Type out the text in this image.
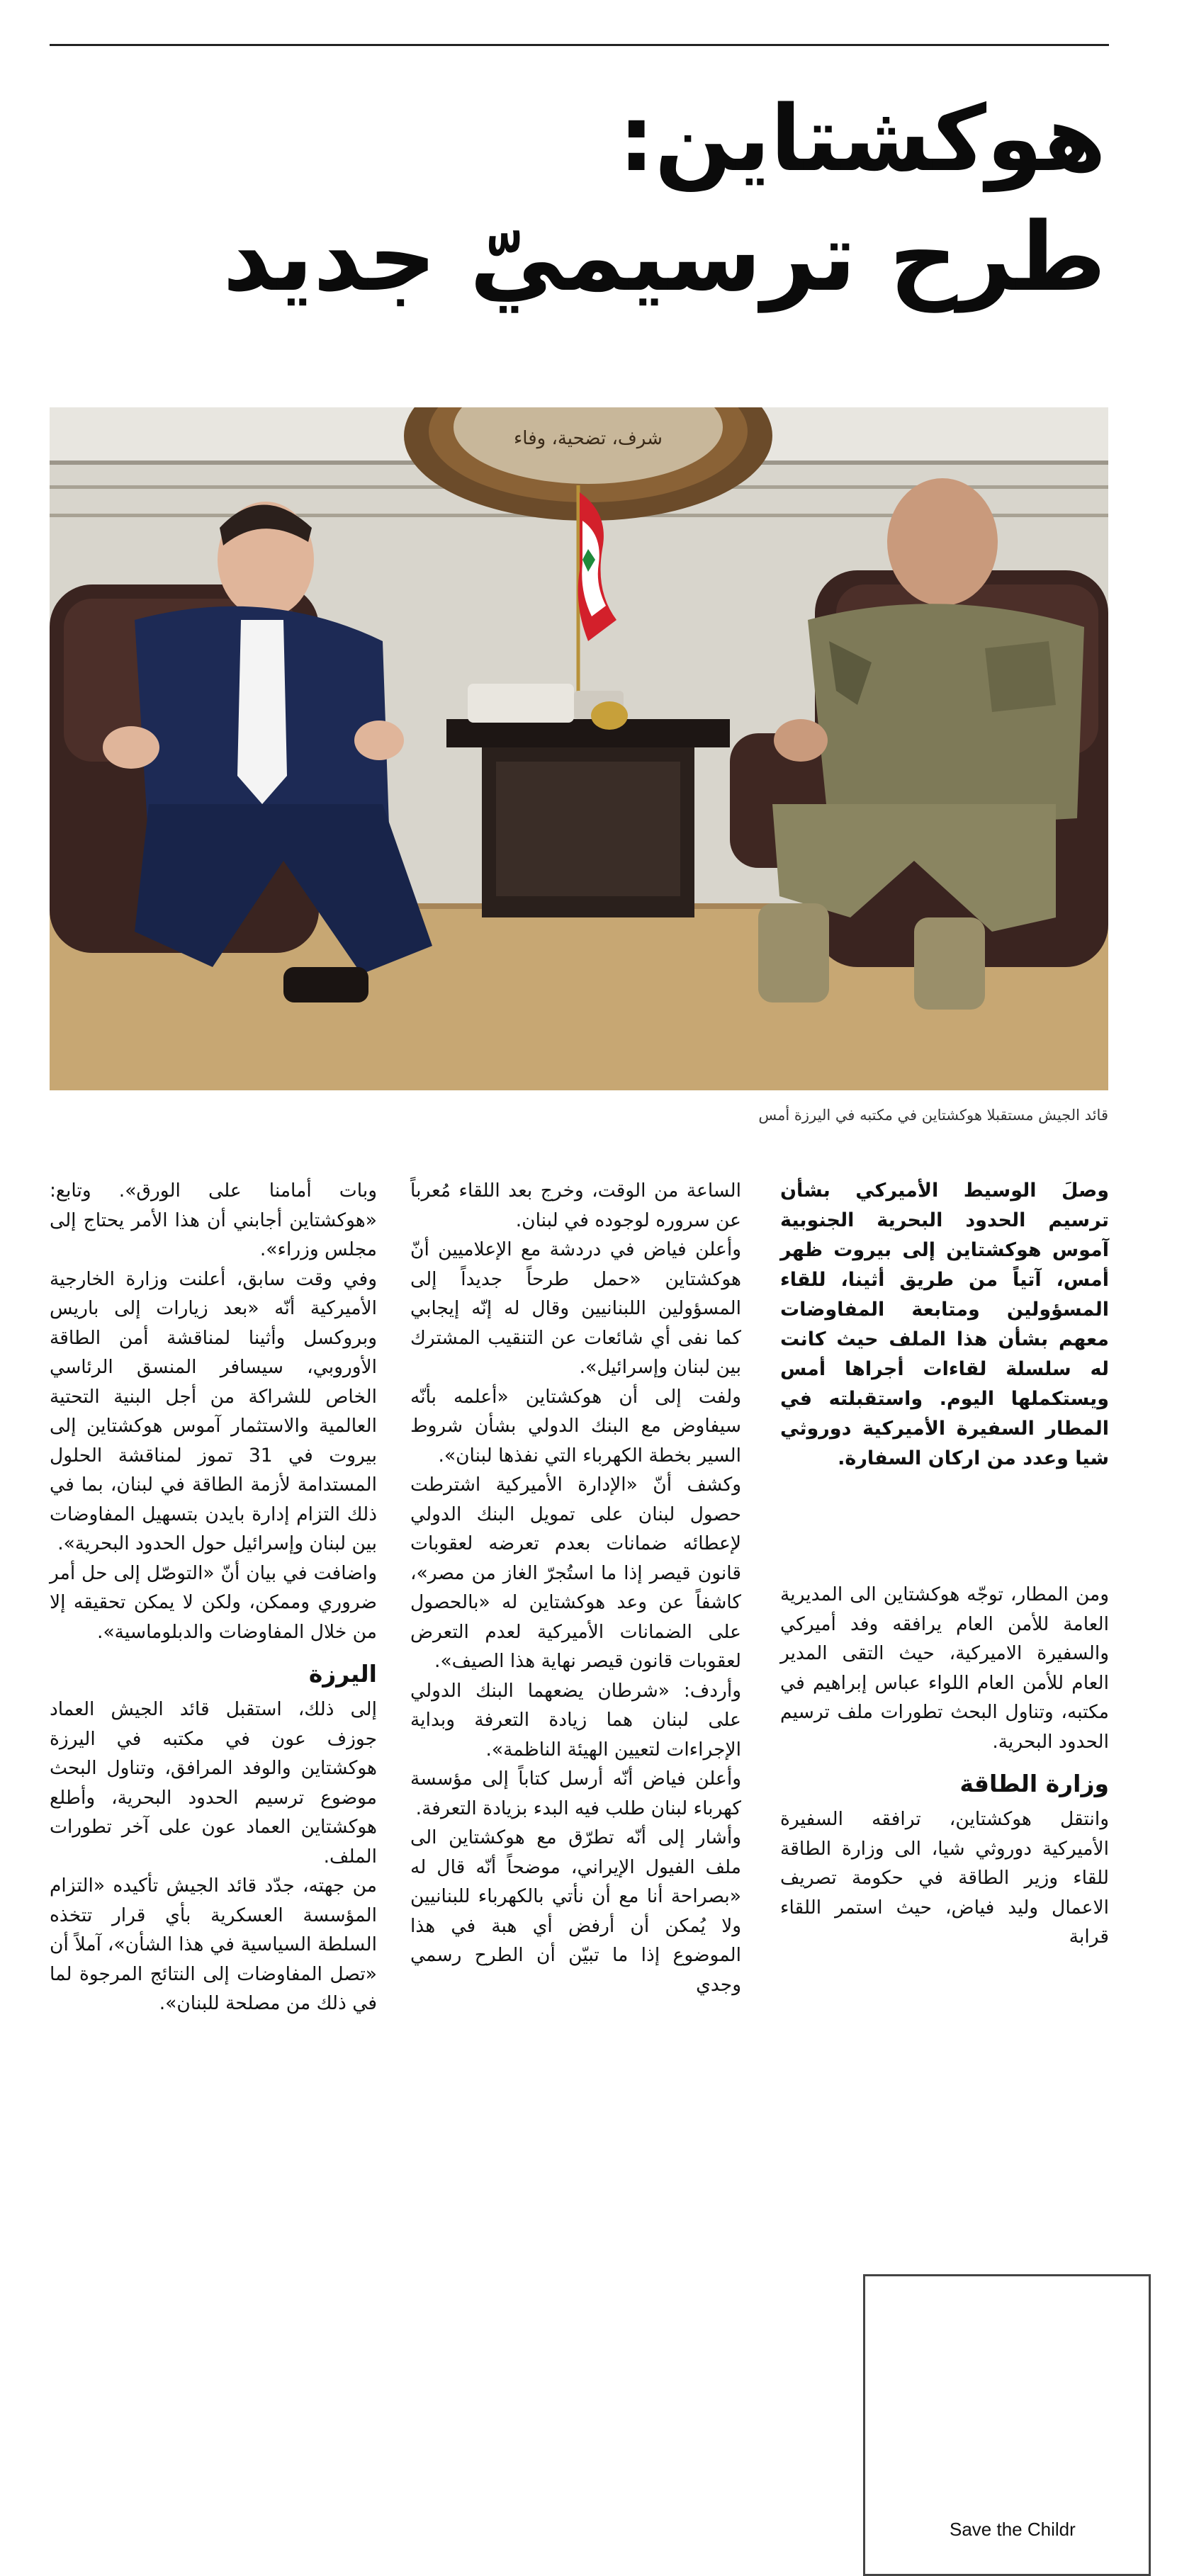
هوكشتاين:
طرح ترسيميّ جديد
شرف، تضحية، وفاء
قائد الجيش مستقبلا هوكشتاين في مكتبه في اليرزة أمس

وصلَ الوسيط الأميركي بشأن ترسيم الحدود البحرية الجنوبية آموس هوكشتاين إلى بيروت ظهر أمس، آتياً من طريق أثينا، للقاء المسؤولين ومتابعة المفاوضات معهم بشأن هذا الملف حيث كانت له سلسلة لقاءات أجراها أمس ويستكملها اليوم. واستقبلته في المطار السفيرة الأميركية دوروثي شيا وعدد من اركان السفارة.

ومن المطار، توجّه هوكشتاين الى المديرية العامة للأمن العام يرافقه وفد أميركي والسفيرة الاميركية، حيث التقى المدير العام للأمن العام اللواء عباس إبراهيم في مكتبه، وتناول البحث تطورات ملف ترسيم الحدود البحرية.

وزارة الطاقة

وانتقل هوكشتاين، ترافقه السفيرة الأميركية دوروثي شيا، الى وزارة الطاقة للقاء وزير الطاقة في حكومة تصريف الاعمال وليد فياض، حيث استمر اللقاء قرابة

الساعة من الوقت، وخرج بعد اللقاء مُعرباً عن سروره لوجوده في لبنان.

وأعلن فياض في دردشة مع الإعلاميين أنّ هوكشتاين «حمل طرحاً جديداً إلى المسؤولين اللبنانيين وقال له إنّه إيجابي كما نفى أي شائعات عن التنقيب المشترك بين لبنان وإسرائيل».

ولفت إلى أن هوكشتاين «أعلمه بأنّه سيفاوض مع البنك الدولي بشأن شروط السير بخطة الكهرباء التي نفذها لبنان».

وكشف أنّ «الإدارة الأميركية اشترطت حصول لبنان على تمويل البنك الدولي لإعطائه ضمانات بعدم تعرضه لعقوبات قانون قيصر إذا ما استُجرّ الغاز من مصر»، كاشفاً عن وعد هوكشتاين له «بالحصول على الضمانات الأميركية لعدم التعرض لعقوبات قانون قيصر نهاية هذا الصيف».

وأردف: «شرطان يضعهما البنك الدولي على لبنان هما زيادة التعرفة وبداية الإجراءات لتعيين الهيئة الناظمة».

وأعلن فياض أنّه أرسل كتاباً إلى مؤسسة كهرباء لبنان طلب فيه البدء بزيادة التعرفة.

وأشار إلى أنّه تطرّق مع هوكشتاين الى ملف الفيول الإيراني، موضحاً أنّه قال له «بصراحة أنا مع أن نأتي بالكهرباء للبنانيين ولا يُمكن أن أرفض أي هبة في هذا الموضوع إذا ما تبيّن أن الطرح رسمي وجدي

وبات أمامنا على الورق». وتابع: «هوكشتاين أجابني أن هذا الأمر يحتاج إلى مجلس وزراء».

وفي وقت سابق، أعلنت وزارة الخارجية الأميركية أنّه «بعد زيارات إلى باريس وبروكسل وأثينا لمناقشة أمن الطاقة الأوروبي، سيسافر المنسق الرئاسي الخاص للشراكة من أجل البنية التحتية العالمية والاستثمار آموس هوكشتاين إلى بيروت في 31 تموز لمناقشة الحلول المستدامة لأزمة الطاقة في لبنان، بما في ذلك التزام إدارة بايدن بتسهيل المفاوضات بين لبنان وإسرائيل حول الحدود البحرية».

واضافت في بيان أنّ «التوصّل إلى حل أمر ضروري وممكن، ولكن لا يمكن تحقيقه إلا من خلال المفاوضات والدبلوماسية».

اليرزة

إلى ذلك، استقبل قائد الجيش العماد جوزف عون في مكتبه في اليرزة هوكشتاين والوفد المرافق، وتناول البحث موضوع ترسيم الحدود البحرية، وأطلع هوكشتاين العماد عون على آخر تطورات الملف.

من جهته، جدّد قائد الجيش تأكيده «التزام المؤسسة العسكرية بأي قرار تتخذه السلطة السياسية في هذا الشأن»، آملاً أن «تصل المفاوضات إلى النتائج المرجوة لما في ذلك من مصلحة للبنان».

Save the Childr
